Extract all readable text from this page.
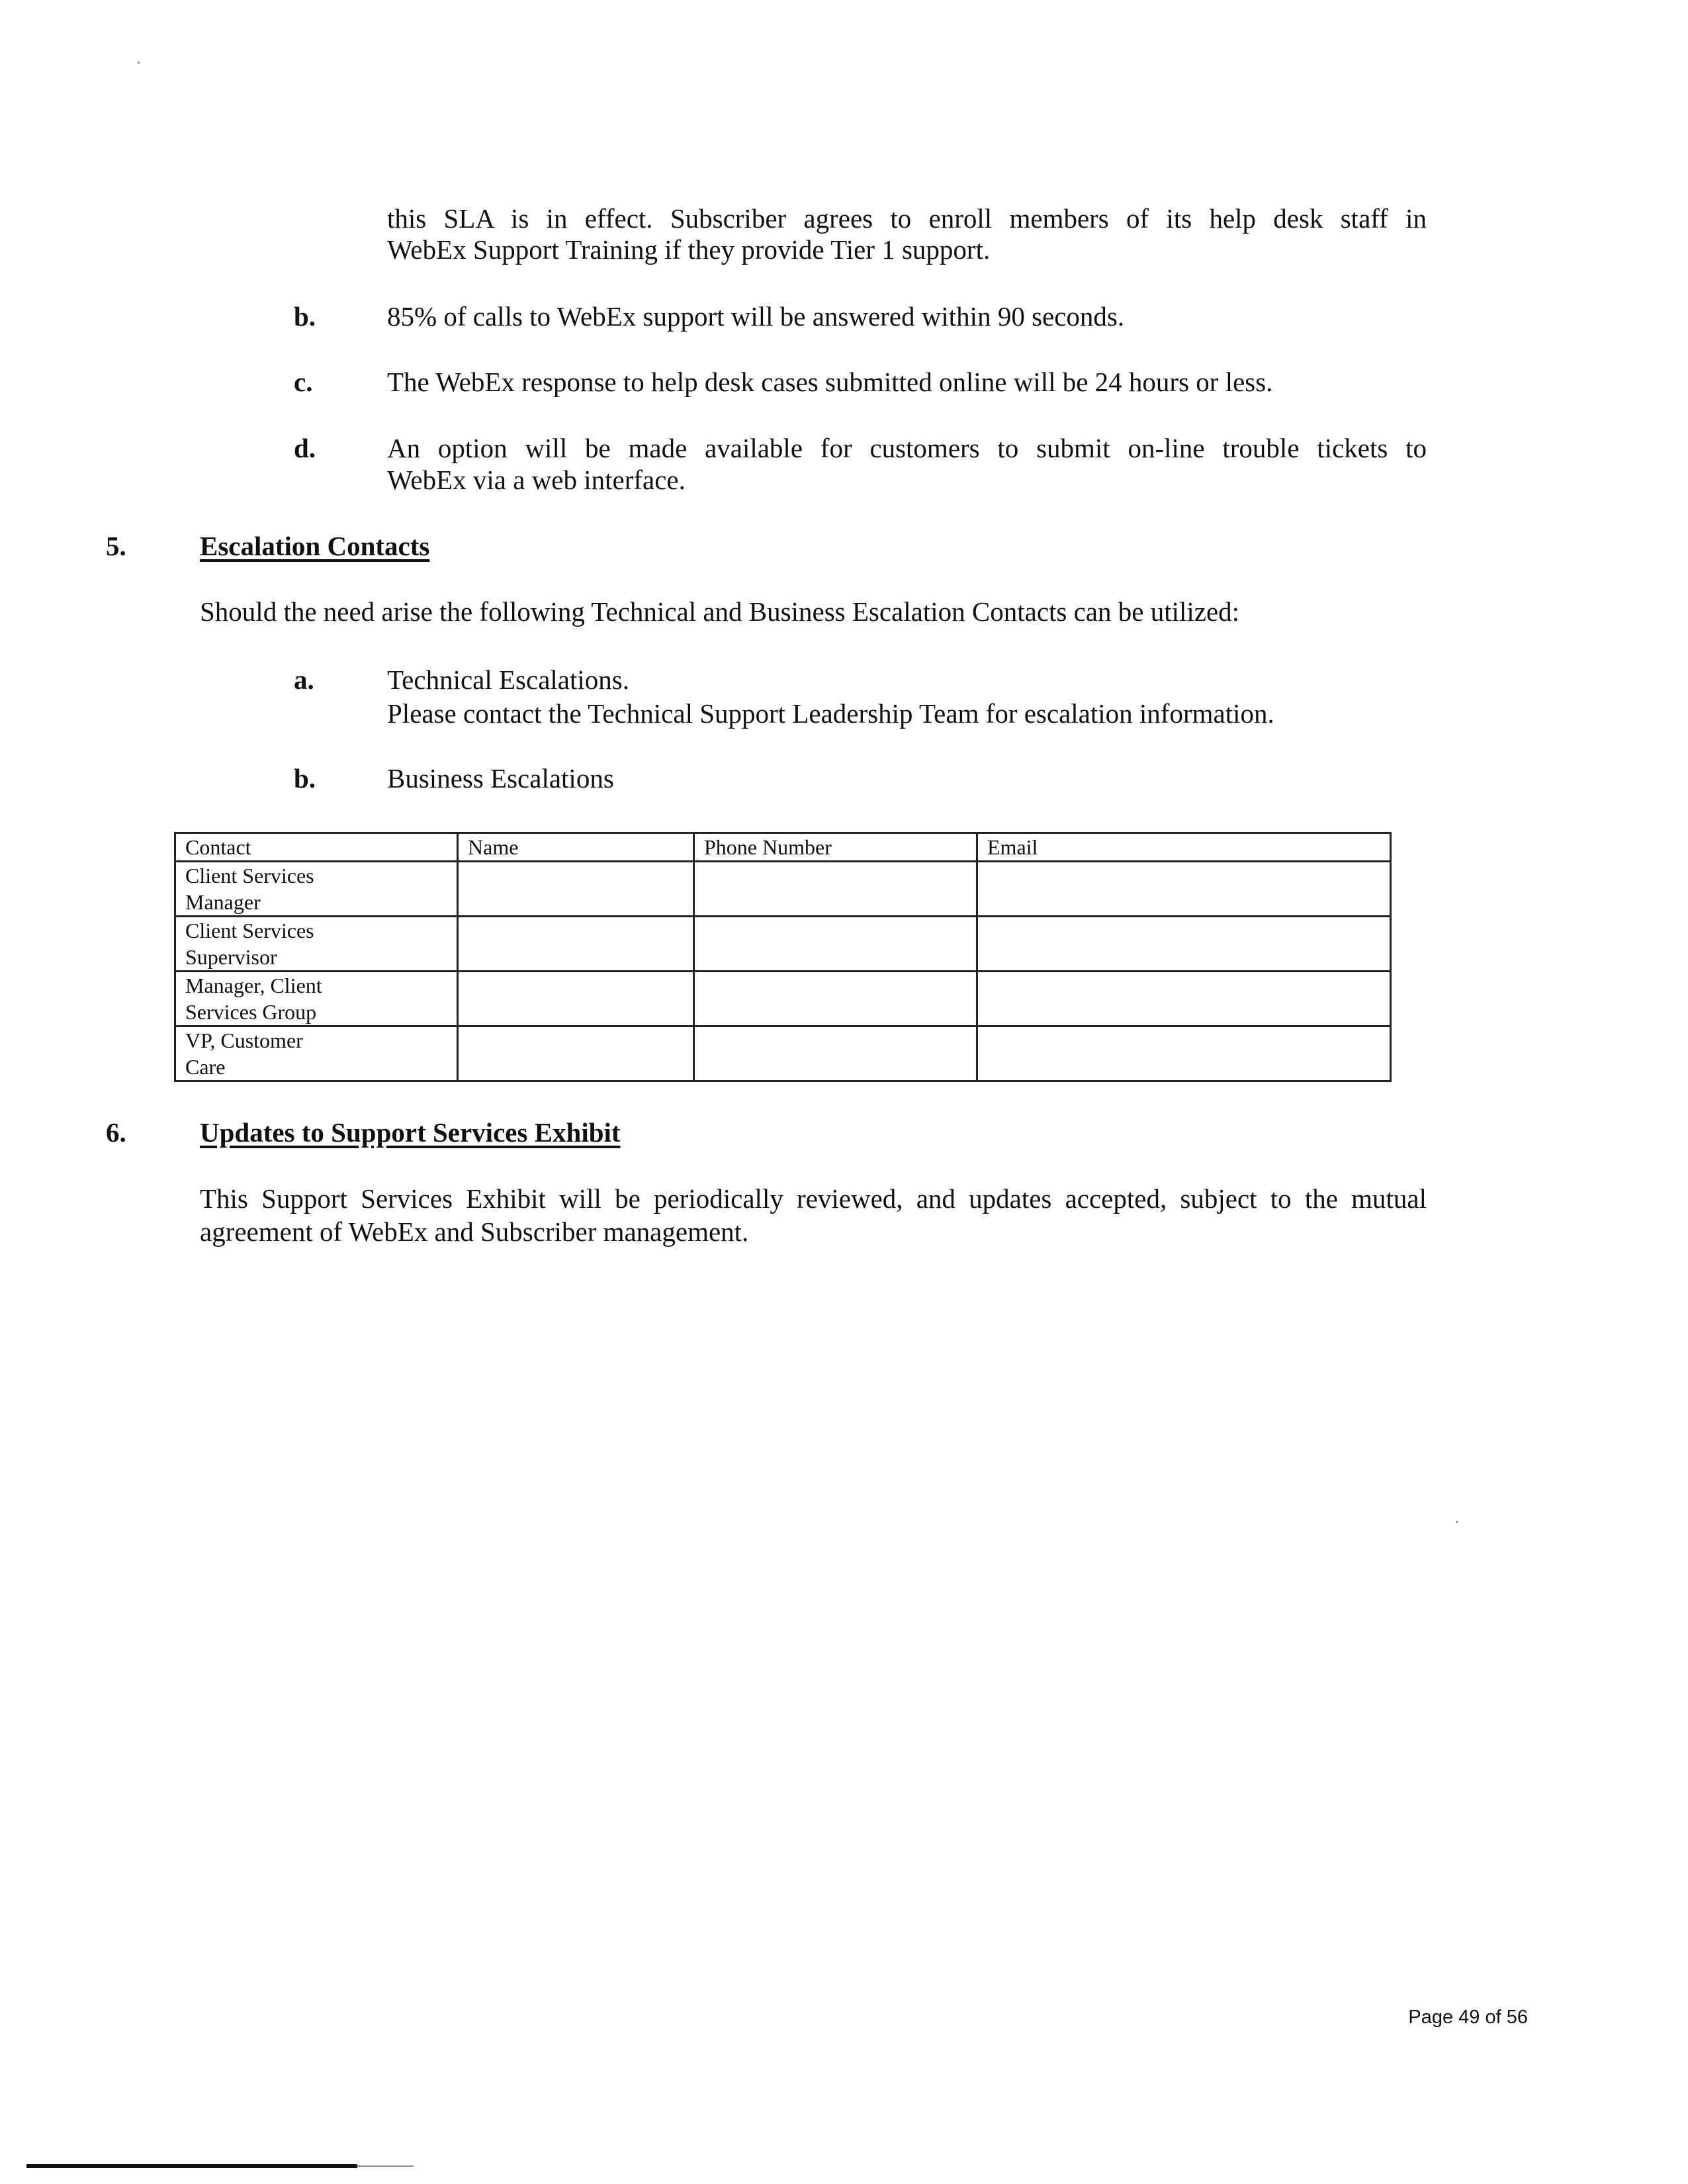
this SLA is in effect. Subscriber agrees to enroll members of its help desk staff in
WebEx Support Training if they provide Tier 1 support.
b.	85% of calls to WebEx support will be answered within 90 seconds.
c.	The WebEx response to help desk cases submitted online will be 24 hours or less.
d.	An option will be made available for customers to submit on-line trouble tickets to
WebEx via a web interface.
5.	Escalation Contacts
Should the need arise the following Technical and Business Escalation Contacts can be utilized:
a.	Technical Escalations.
Please contact the Technical Support Leadership Team for escalation information.
b.	Business Escalations
Contact	Name	Phone Number	Email

Client Services
Manager			

Client Services
Supervisor			

Manager, Client
Services Group			

VP, Customer
Care			

6.	Updates to Support Services Exhibit
This Support Services Exhibit will be periodically reviewed, and updates accepted, subject to the mutual
agreement of WebEx and Subscriber management.
Page 49 of 56
